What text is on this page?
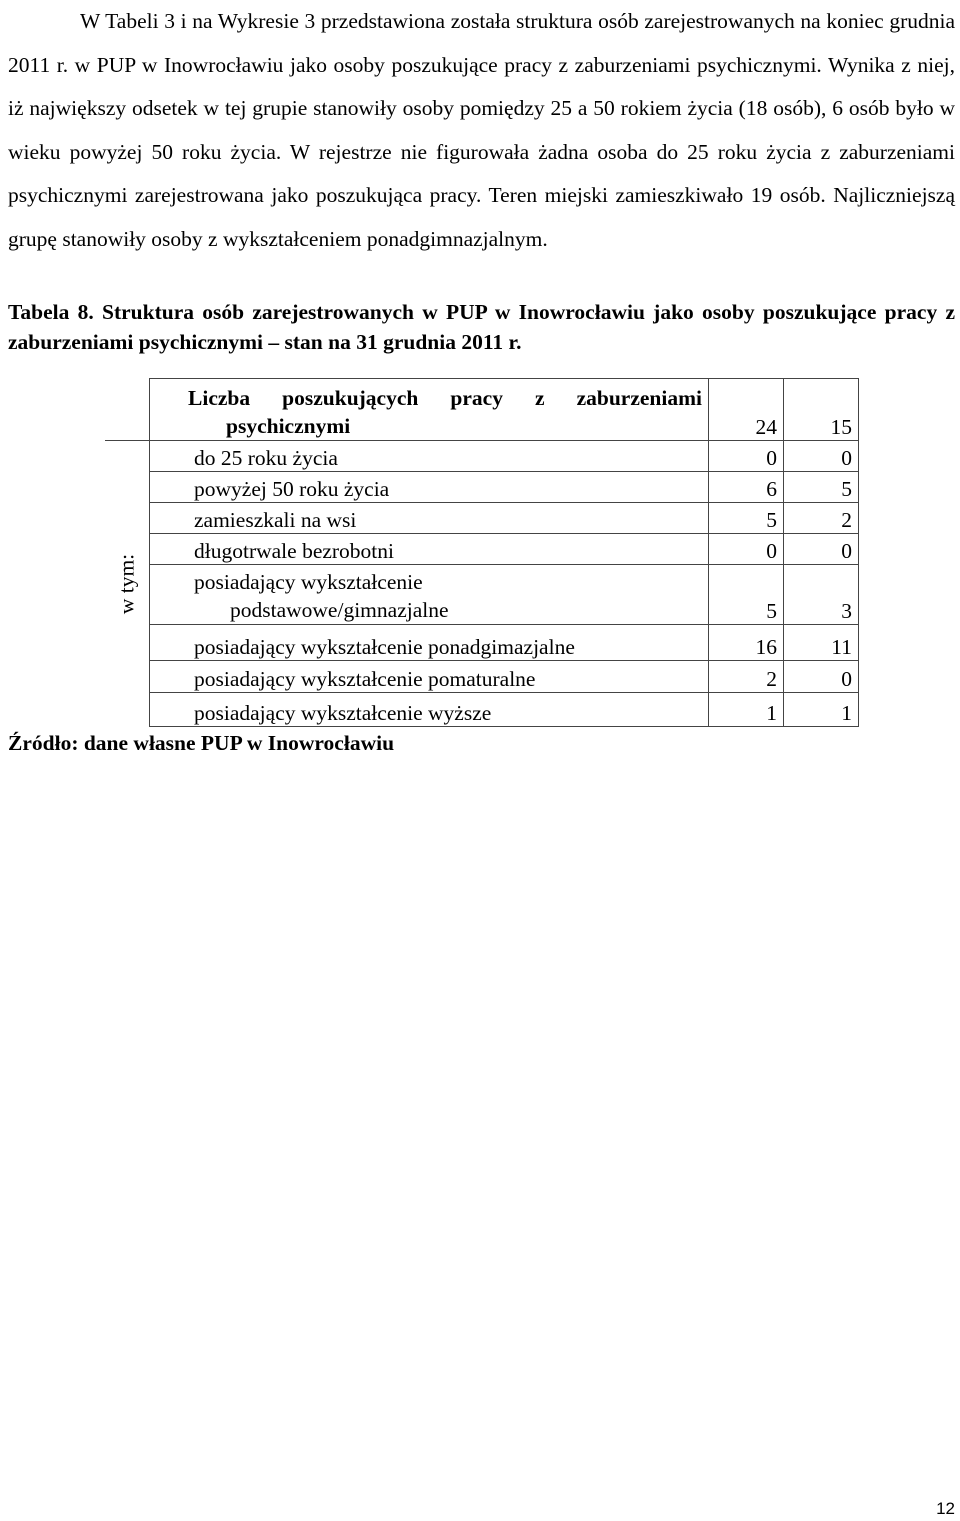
W Tabeli 3 i na Wykresie 3 przedstawiona została struktura osób zarejestrowanych na koniec grudnia 2011 r. w PUP w Inowrocławiu jako osoby poszukujące pracy z zaburzeniami psychicznymi. Wynika z niej, iż największy odsetek w tej grupie stanowiły osoby pomiędzy 25 a 50 rokiem życia (18 osób), 6 osób było w wieku powyżej 50 roku życia. W rejestrze nie figurowała żadna osoba do 25 roku życia z zaburzeniami psychicznymi zarejestrowana jako poszukująca pracy. Teren miejski zamieszkiwało 19 osób. Najliczniejszą grupę stanowiły osoby z wykształceniem ponadgimnazjalnym.

Tabela 8. Struktura osób zarejestrowanych w PUP w Inowrocławiu jako osoby poszukujące pracy z zaburzeniami psychicznymi – stan na 31 grudnia 2011 r.

	Liczba poszukujących pracy z zaburzeniami
psychicznymi	24	15

w tym:	do 25 roku życia	0	0
	powyżej 50 roku życia	6	5
	zamieszkali na wsi	5	2
	długotrwale bezrobotni	0	0
	posiadający wykształcenie
podstawowe/gimnazjalne	5	3
	posiadający wykształcenie ponadgimazjalne	16	11
	posiadający wykształcenie pomaturalne	2	0
	posiadający wykształcenie wyższe	1	1
Źródło: dane własne PUP w Inowrocławiu
12
